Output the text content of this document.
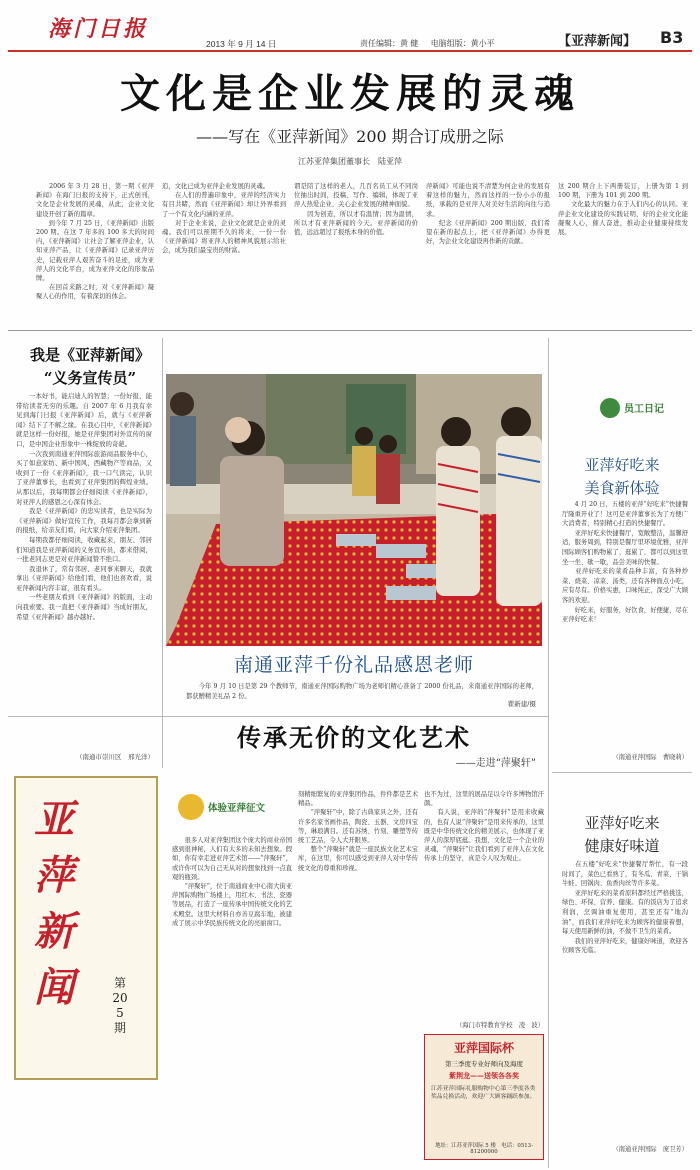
海门日报
2013 年 9 月 14 日	责任编辑：黄 健 电脑组版：黄小平	【亚萍新闻】 B3
文化是企业发展的灵魂
——写在《亚萍新闻》200 期合订成册之际
江苏亚萍集团董事长　陆亚萍
　　2006 年 3 月 28 日，第一期《亚萍新闻》在海门日报的支持下，正式创刊，文化是企业发展的灵魂，从此，企业文化建设开创了新的篇章。
　　到今年 7 月 25 日，《亚萍新闻》出版 200 期。在这 7 年多的 100 多大的时间内，《亚萍新闻》让社会了解亚萍企业，认知亚萍产品，让《亚萍新闻》记录亚萍历史，记载亚萍人艰苦奋斗的足迹，成为亚萍人的文化平台，成为亚萍文化的形象品牌。
　　在回首来路之时，对《亚萍新闻》凝聚人心的作用，有着深切的体会。
追，文化已成为亚萍企业发展的灵魂。
　　在人们的普遍印象中，亚萍的经济实力有目共睹，然而《亚萍新闻》却让外界看到了一个有文化内涵的亚萍。
　　对于企业来说，企业文化就是企业的灵魂。我们可以预期不久的将来，一份一份《亚萍新闻》将亚萍人的精神风貌展示给社会，成为我们最宝贵的财富。
谓是陪了这样的老人，几百名员工从不同岗位抽出时间，投稿、写作、编辑，体现了亚萍人热爱企业、关心企业发展的精神面貌。
　　因为创造，所以才有温情；因为温情，所以才有亚萍新闻的今天。亚萍新闻的价值，远远超过了报纸本身的价值。
萍新闻》可能也说不清楚为何企业的发展有着这样的魅力，然而这样的一份小小的报纸，承载的是亚萍人对美好生活的向往与追求。
　　纪念《亚萍新闻》200 期出版，我们希望在新的起点上，把《亚萍新闻》办得更好，为企业文化建设再作新的贡献。
这 200 期合上下两册装订，上册为第 1 到 100 期，下册为 101 到 200 期。
　　文化最大的魅力在于人们内心的认同。亚萍企业文化建设的实践证明，好的企业文化能凝聚人心，催人奋进，推动企业健康持续发展。
我是《亚萍新闻》
“义务宣传员”
　　一本好书，能启迪人的智慧；一份好报，能带给读者无穷的乐趣。自 2007 年 6 月我有幸见到海门日报《亚萍新闻》后，就与《亚萍新闻》结下了不解之缘。在我心目中，《亚萍新闻》就是这样一份好报，她是亚萍集团对外宣传的窗口，是中国企业形象中一株绽放的奇葩。
　　一次我到南通亚萍国际旅游商品服务中心，买了如意家纺、新中国风、西藏物产等商品，又收到了一份《亚萍新闻》，我一口气读完，认识了亚萍董事长，也看到了亚萍集团的辉煌业绩。从那以后，我每期都会仔细阅读《亚萍新闻》，对亚萍人的感恩之心深有体会。
　　我是《亚萍新闻》的忠实读者，也是实际为《亚萍新闻》做好宣传工作，我每月都会拿到新的报纸，给亲友们看，向大家介绍亚萍集团。
　　每期我都仔细阅读，收藏起来，朋友、邻居们知道我是亚萍新闻的义务宣传员，都来借阅，一批老同志更是对亚萍新闻赞不绝口。
　　我退休了，常有邻居、老同事来聊天，我就拿出《亚萍新闻》给他们看，他们也喜欢看，说亚萍新闻内容丰富，很有看头。
　　一些老朋友看到《亚萍新闻》的版面，主动向我索要。我一直把《亚萍新闻》当成好朋友，希望《亚萍新闻》越办越好。
（南通市崇川区　邢光洋）
南通亚萍千份礼品感恩老师
　　今年 9 月 10 日是第 29 个教师节，南通亚萍国际购物广场为老师们精心准备了 2000 份礼品，来南通亚萍国际的老师，都获赠精美礼品 2 份。
瞿新建/摄
员工日记
亚萍好吃来
美食新体验
　　4 月 20 日，五楼的亚萍“好吃来”快捷餐厅隆重开业了！这可是亚萍董事长为了方便广大消费者，特别精心打造的快捷餐厅。
　　亚萍好吃来快捷餐厅，宽敞整洁，温馨舒适，服务周到，特别是餐厅里环境优雅，亚萍国际顾客们购物累了、逛累了，都可以到这里坐一坐、歇一歇，品尝美味的快餐。
　　亚萍好吃来的菜肴品种丰富，有各种炒菜、烧菜、凉菜、汤类，还有各种面点小吃，应有尽有。价格实惠，口味纯正，深受广大顾客的欢迎。
　　好吃来，好服务，好饮食，好便捷，尽在亚萍好吃来！
（南通亚萍国际　曹晓莉）
亚萍好吃来
健康好味道
　　在五楼“好吃来”快捷餐厅帮忙，有一段时间了，菜色已看熟了，有冬瓜、青菜、干锅牛蛙、回锅肉、鱼香肉丝等许多菜。
　　亚萍好吃来的菜肴原料都经过严格挑选，绿色、环保、营养、健康。有的饭店为了追求利润，烹调油重复使用，甚至还有“地沟油”，而我们亚萍好吃来为顾客的健康着想，每天使用新鲜的油，不做不卫生的菜肴。
　　我们的亚萍好吃来，健康好味道，欢迎各位顾客光临。
（南通亚萍国际　庞卫芳）
传承无价的文化艺术
——走进“萍聚轩”
体验亚萍征文
　　很多人对亚萍集团这个庞大的商业帝国感到很神秘，人们有太多的未知去想象。假如，你有幸走进亚萍艺术馆——“萍聚轩”，或许你可以为自己无从对的想象找到一点直观的瓶颈。
　　“萍聚轩”，位于南通商业中心南大街亚萍国际购物广场楼上，用红木、书法、瓷器等展品，打造了一座传承中国传统文化的艺术殿堂。这里大材料自亦善豆腐车地，被建成了展示中华民族传统文化的亮丽窗口。
刻精细繁复的亚萍集团作品，件件都是艺术精品。
　　“萍聚轩”中，除了古典家具之外，还有许多名家书画作品，陶瓷、玉器、文房四宝等，琳琅满目。还有苏绣、竹刻、雕塑等传统工艺品，令人大开眼界。
　　整个“萍聚轩”就是一座民族文化艺术宝库，在这里，你可以感受到亚萍人对中华传统文化的尊重和珍视。
也不为过，这里的展品足以令许多博物馆汗颜。
　　有人说，亚萍的“萍聚轩”是用来收藏的，也有人说“萍聚轩”是用来传承的，这里既是中华传统文化的精美展示，也体现了亚萍人的深厚底蕴。我想，文化是一个企业的灵魂，“萍聚轩”让我们看到了亚萍人在文化传承上的坚守，真是令人叹为观止。
（海门市特教育学校　凌　波）
亚
萍
新
闻	第 205 期
亚萍国际杯
第三季度专业好师向及海度
紫荆龙——送领各各奖
江苏亚萍国际礼服购物中心第三季度各类奖品兑换活动，欢迎广大顾客踊跃参加。
地址：江苏亚萍国际 5 楼　电话：0513-81200000
